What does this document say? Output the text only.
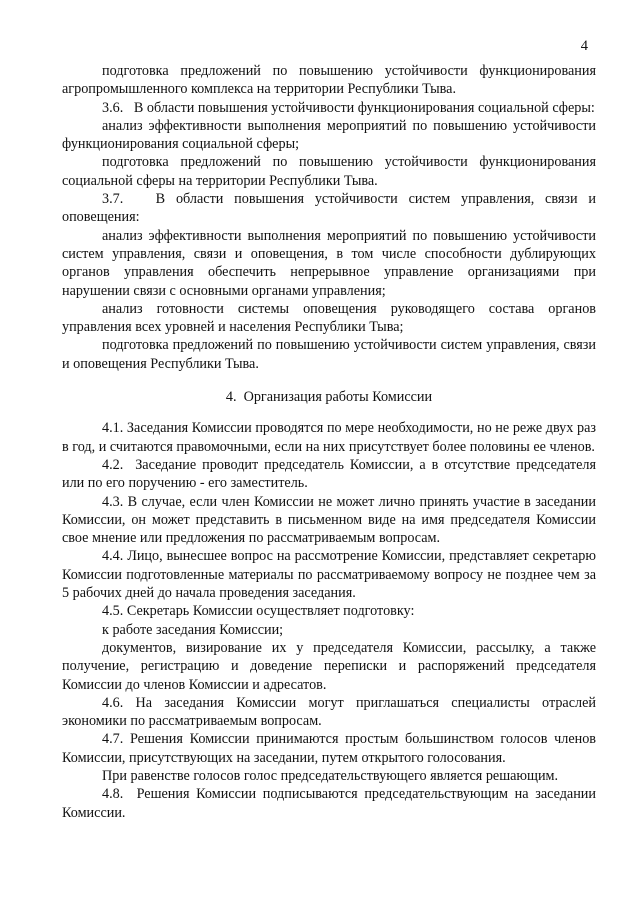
4

подготовка предложений по повышению устойчивости функционирования агропромышленного комплекса на территории Республики Тыва.

3.6.   В области повышения устойчивости функционирования социальной сферы:

анализ эффективности выполнения мероприятий по повышению устойчивости функционирования социальной сферы;

подготовка предложений по повышению устойчивости функционирования социальной сферы на территории Республики Тыва.

3.7.   В области повышения устойчивости систем управления, связи и оповещения:

анализ эффективности выполнения мероприятий по повышению устойчивости систем управления, связи и оповещения, в том числе способности дублирующих органов управления обеспечить непрерывное управление организациями при нарушении связи с основными органами управления;

анализ готовности системы оповещения руководящего состава органов управления всех уровней и населения Республики Тыва;

подготовка предложений по повышению устойчивости систем управления, связи и оповещения Республики Тыва.

4.  Организация работы Комиссии

4.1. Заседания Комиссии проводятся по мере необходимости, но не реже двух раз в год, и считаются правомочными, если на них присутствует более половины ее членов.

4.2.  Заседание проводит председатель Комиссии, а в отсутствие председателя или по его поручению - его заместитель.

4.3. В случае, если член Комиссии не может лично принять участие в заседании Комиссии, он может представить в письменном виде на имя председателя Комиссии свое мнение или предложения по рассматриваемым вопросам.

4.4. Лицо, вынесшее вопрос на рассмотрение Комиссии, представляет секретарю Комиссии подготовленные материалы по рассматриваемому вопросу не позднее чем за 5 рабочих дней до начала проведения заседания.

4.5. Секретарь Комиссии осуществляет подготовку:

к работе заседания Комиссии;

документов, визирование их у председателя Комиссии, рассылку, а также получение, регистрацию и доведение переписки и распоряжений председателя Комиссии до членов Комиссии и адресатов.

4.6. На заседания Комиссии могут приглашаться специалисты отраслей экономики по рассматриваемым вопросам.

4.7. Решения Комиссии принимаются простым большинством голосов членов Комиссии, присутствующих на заседании, путем открытого голосования.

При равенстве голосов голос председательствующего является решающим.

4.8.  Решения Комиссии подписываются председательствующим на заседании Комиссии.
